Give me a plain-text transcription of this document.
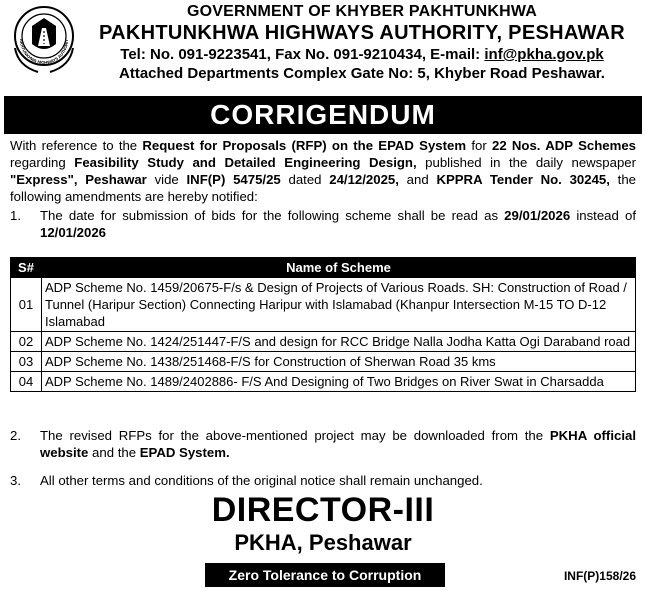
AKHTUNKHWA HIGHWAYS AUTHORIT
GOVERNMENT OF KHYBER PAKHTUNKHWA
PAKHTUNKHWA HIGHWAYS AUTHORITY, PESHAWAR
Tel: No. 091-9223541, Fax No. 091-9210434, E-mail: inf@pkha.gov.pk
Attached Departments Complex Gate No: 5, Khyber Road Peshawar.
CORRIGENDUM

With reference to the Request for Proposals (RFP) on the EPAD System for 22 Nos. ADP Schemes regarding Feasibility Study and Detailed Engineering Design, published in the daily newspaper "Express", Peshawar vide INF(P) 5475/25 dated 24/12/2025, and KPPRA Tender No. 30245, the following amendments are hereby notified:

1. The date for submission of bids for the following scheme shall be read as 29/01/2026 instead of 12/01/2026
S#	Name of Scheme
01	ADP Scheme No. 1459/20675-F/s & Design of Projects of Various Roads. SH: Construction of Road / Tunnel (Haripur Section) Connecting Haripur with Islamabad (Khanpur Intersection M-15 TO D-12 Islamabad
02	ADP Scheme No. 1424/251447-F/S and design for RCC Bridge Nalla Jodha Katta Ogi Daraband road
03	ADP Scheme No. 1438/251468-F/S for Construction of Sherwan Road 35 kms
04	ADP Scheme No. 1489/2402886- F/S And Designing of Two Bridges on River Swat in Charsadda
2. The revised RFPs for the above-mentioned project may be downloaded from the PKHA official website and the EPAD System.
3. All other terms and conditions of the original notice shall remain unchanged.
DIRECTOR-III
PKHA, Peshawar
Zero Tolerance to Corruption	INF(P)158/26
